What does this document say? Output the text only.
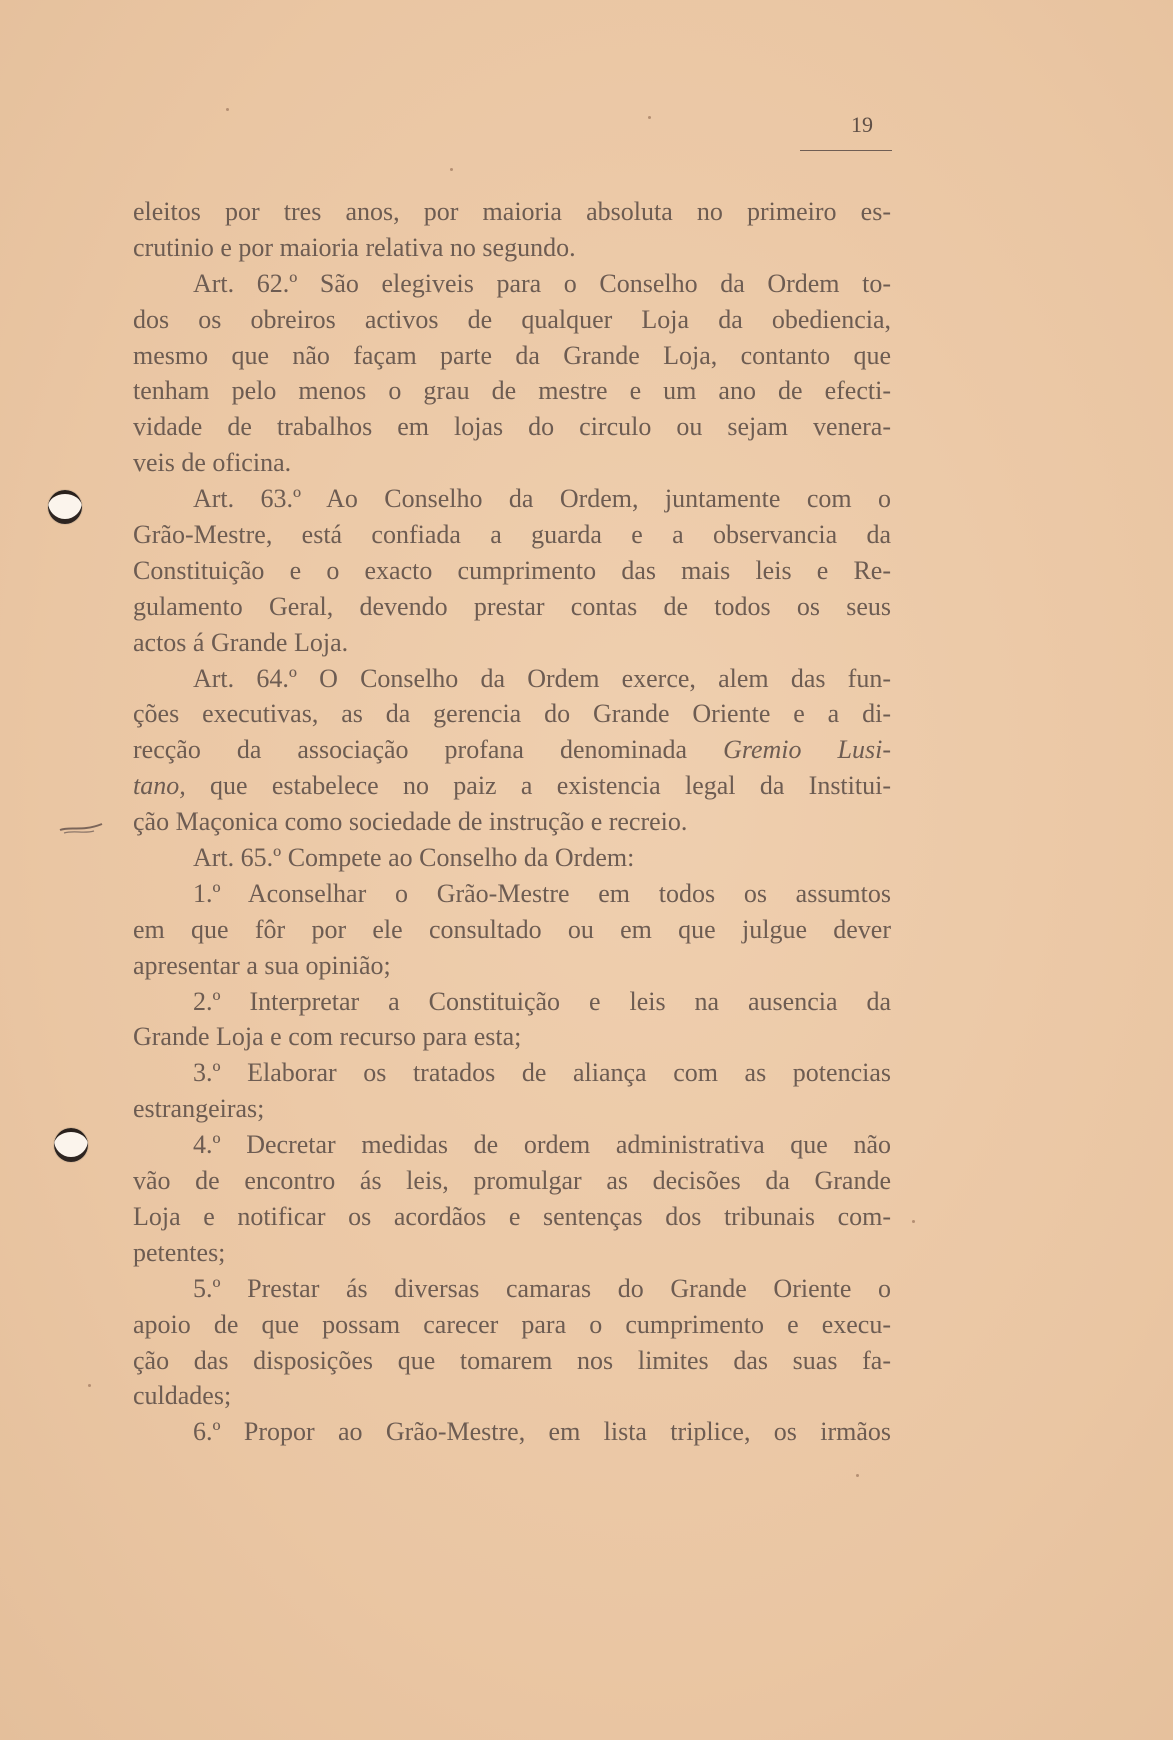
19
eleitos por tres anos, por maioria absoluta no primeiro es-
crutinio e por maioria relativa no segundo.
Art. 62.º São elegiveis para o Conselho da Ordem to-
dos os obreiros activos de qualquer Loja da obediencia,
mesmo que não façam parte da Grande Loja, contanto que
tenham pelo menos o grau de mestre e um ano de efecti-
vidade de trabalhos em lojas do circulo ou sejam venera-
veis de oficina.
Art. 63.º Ao Conselho da Ordem, juntamente com o
Grão-Mestre, está confiada a guarda e a observancia da
Constituição e o exacto cumprimento das mais leis e Re-
gulamento Geral, devendo prestar contas de todos os seus
actos á Grande Loja.
Art. 64.º O Conselho da Ordem exerce, alem das fun-
ções executivas, as da gerencia do Grande Oriente e a di-
recção da associação profana denominada Gremio Lusi-
tano, que estabelece no paiz a existencia legal da Institui-
ção Maçonica como sociedade de instrução e recreio.
Art. 65.º Compete ao Conselho da Ordem:
1.º Aconselhar o Grão-Mestre em todos os assumtos
em que fôr por ele consultado ou em que julgue dever
apresentar a sua opinião;
2.º Interpretar a Constituição e leis na ausencia da
Grande Loja e com recurso para esta;
3.º Elaborar os tratados de aliança com as potencias
estrangeiras;
4.º Decretar medidas de ordem administrativa que não
vão de encontro ás leis, promulgar as decisões da Grande
Loja e notificar os acordãos e sentenças dos tribunais com-
petentes;
5.º Prestar ás diversas camaras do Grande Oriente o
apoio de que possam carecer para o cumprimento e execu-
ção das disposições que tomarem nos limites das suas fa-
culdades;
6.º Propor ao Grão-Mestre, em lista triplice, os irmãos
